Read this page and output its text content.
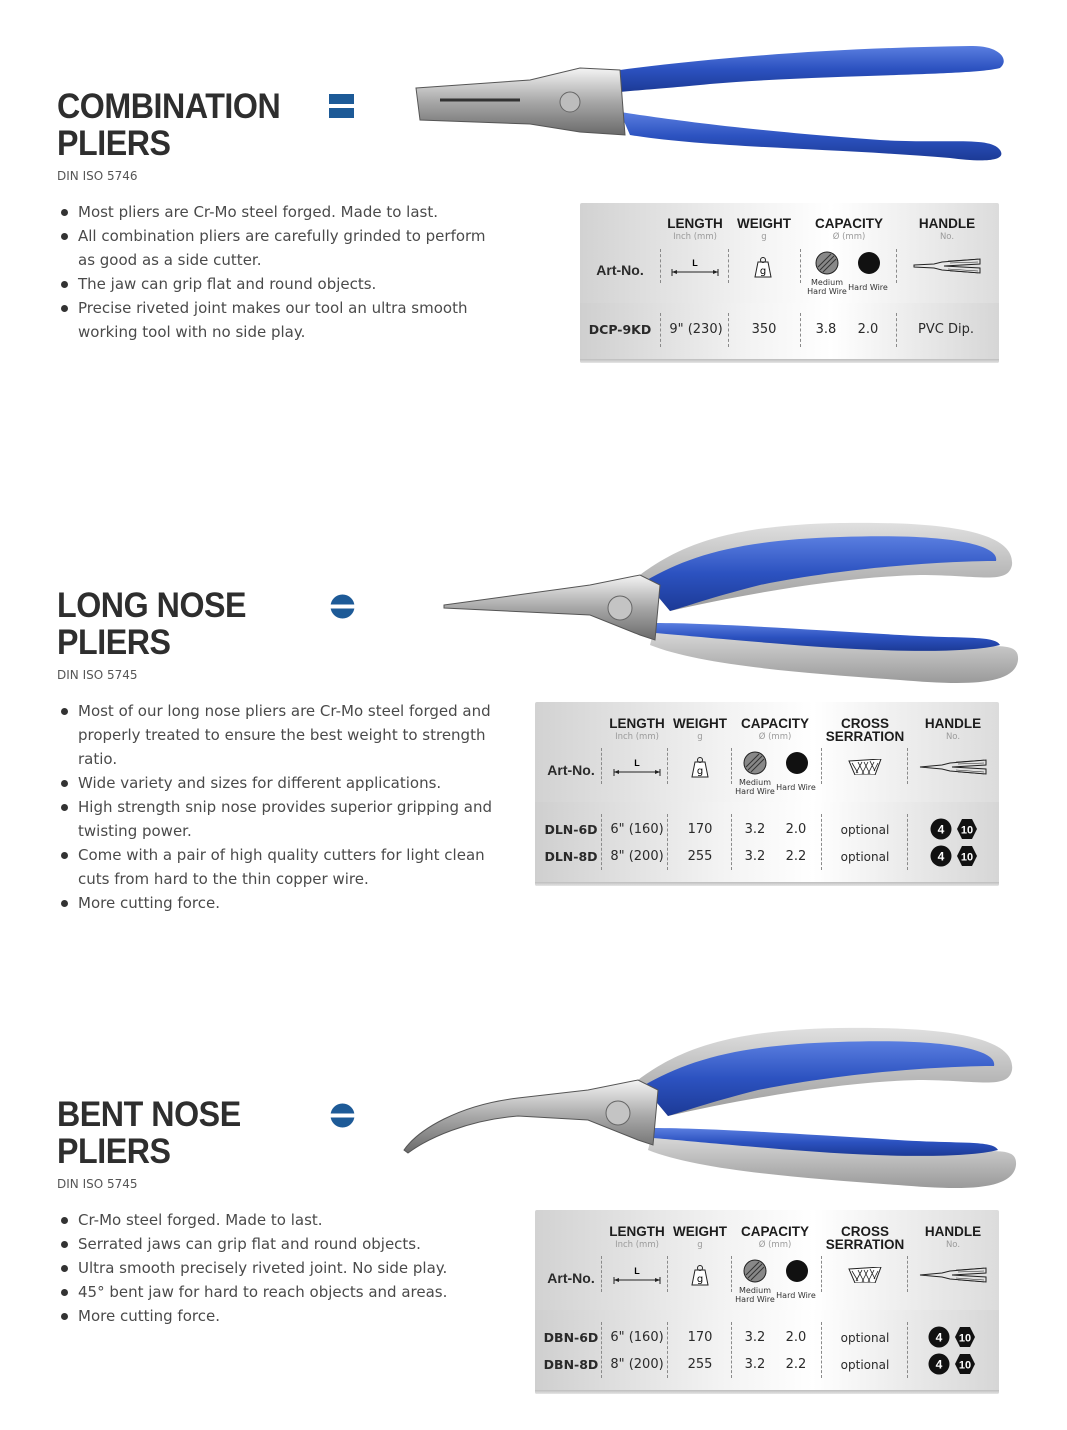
COMBINATION
PLIERS
DIN ISO 5746
Most pliers are Cr-Mo steel forged. Made to last.
All combination pliers are carefully grinded to perform as good as a side cutter.
The jaw can grip flat and round objects.
Precise riveted joint makes our tool an ultra smooth working tool with no side play.
LENGTH
Inch (mm)
WEIGHT
g
CAPACITY
Ø (mm)
HANDLE
No.
Art-No.	L
g
Medium Hard Wire Hard Wire
DCP-9KD	9" (230)	350	3.8	2.0	PVC Dip.
LONG NOSE
PLIERS
DIN ISO 5745
Most of our long nose pliers are Cr-Mo steel forged and properly treated to ensure the best weight to strength ratio.
Wide variety and sizes for different applications.
High strength snip nose provides superior gripping and twisting power.
Come with a pair of high quality cutters for light clean cuts from hard to the thin copper wire.
More cutting force.
LENGTH
Inch (mm)
WEIGHT
g
CAPACITY
Ø (mm)
CROSS
SERRATION
HANDLE
No.
Art-No.	L
g
Medium Hard Wire Hard Wire
DLN-6D 6" (160)	170	3.2	2.0	optional	4 10
DLN-8D 8" (200)	255	3.2	2.2	optional	4 10
BENT NOSE
PLIERS
DIN ISO 5745
Cr-Mo steel forged. Made to last.
Serrated jaws can grip flat and round objects.
Ultra smooth precisely riveted joint. No side play.
45° bent jaw for hard to reach objects and areas.
More cutting force.
LENGTH
Inch (mm)
WEIGHT
g
CAPACITY
Ø (mm)
CROSS
SERRATION
HANDLE
No.
Art-No.	L
g
Medium Hard Wire Hard Wire
DBN-6D 6" (160)	170	3.2	2.0	optional	4 10
DBN-8D 8" (200)	255	3.2	2.2	optional	4 10
